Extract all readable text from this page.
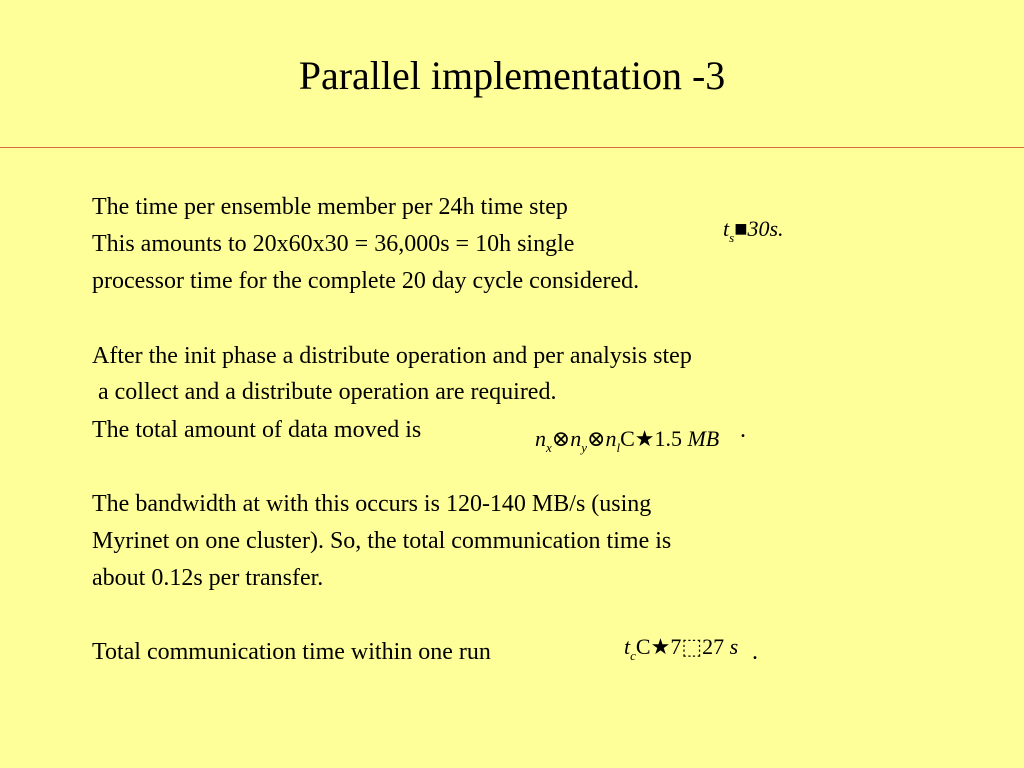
Parallel implementation -3
The time per ensemble member per 24h time step

$t_s■30s$.

This amounts to 20x60x30 = 36,000s = 10h single
processor time for the complete 20 day cycle considered.
After the init phase a distribute operation and per analysis step
a collect and a distribute operation are required.
The total amount of data moved is	$n_x\otimes n_y\otimes n_lC★1.5$ MB .
The bandwidth at with this occurs is 120-140 MB/s (using
Myrinet on one cluster). So, the total communication time is
about 0.12s per transfer.

$t_cC★7⬚27$ s

Total communication time within one run	.
